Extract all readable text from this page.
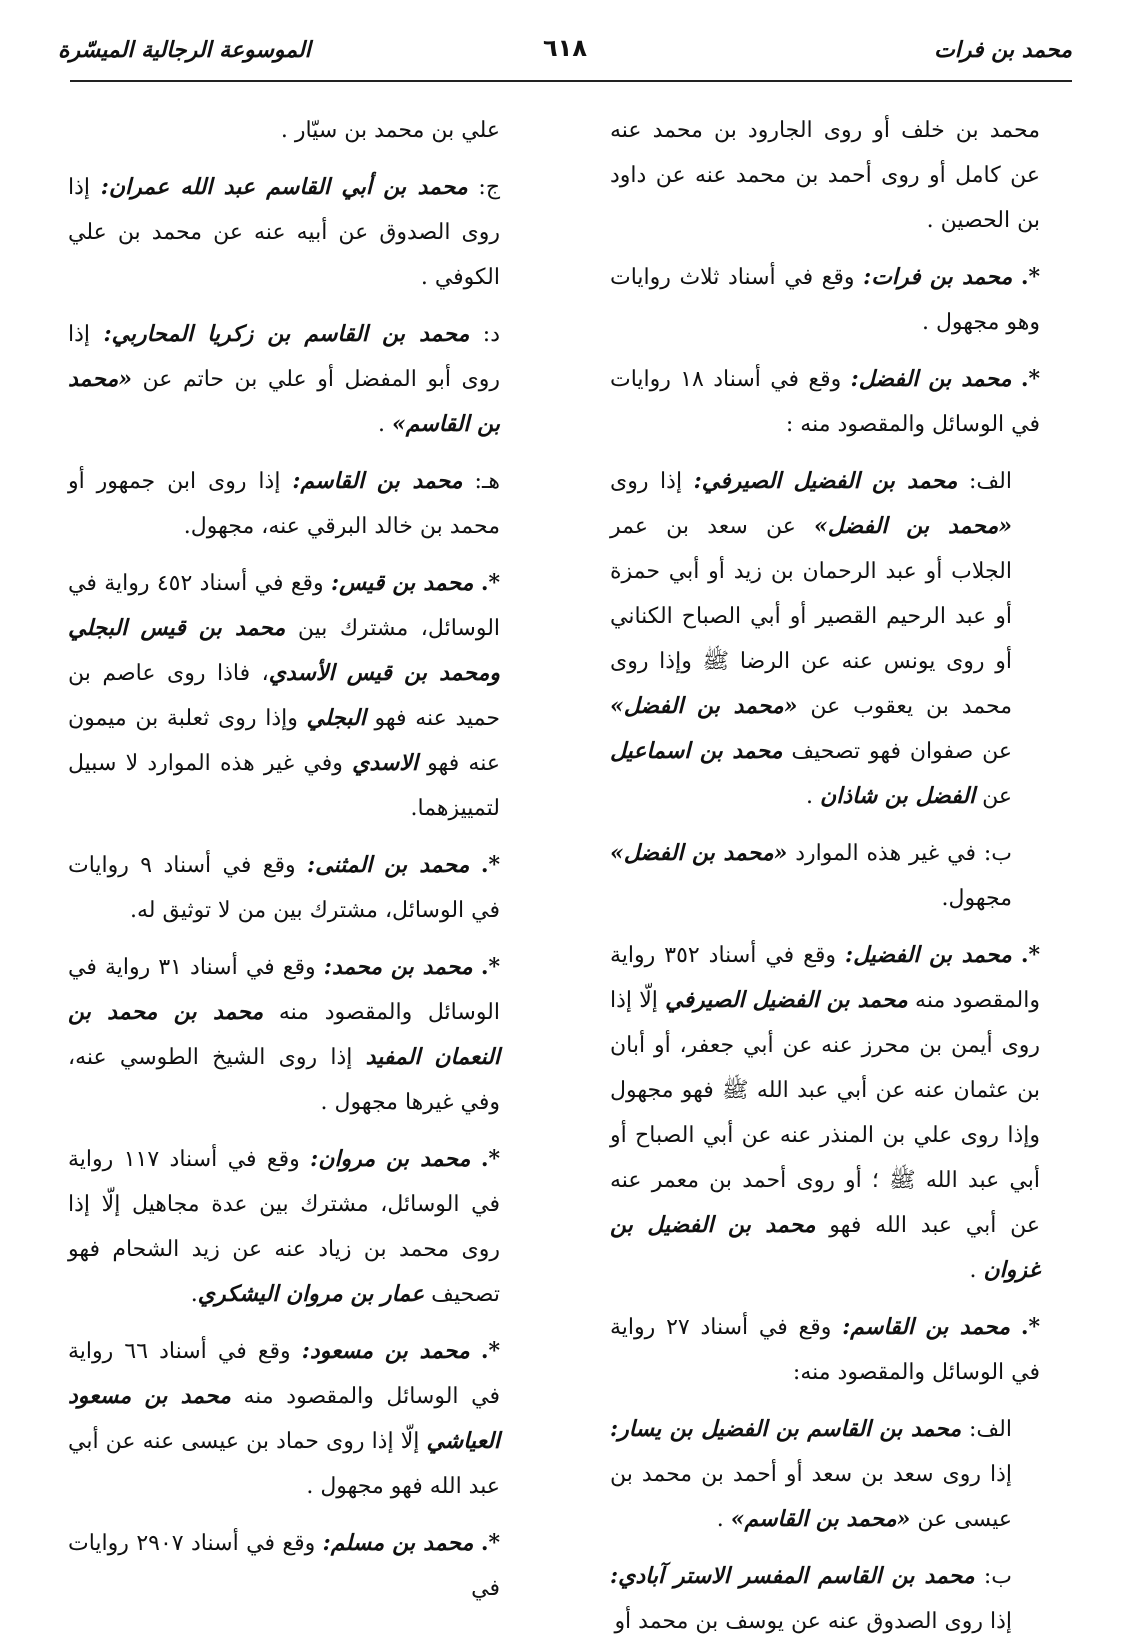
محمد بن فرات
٦١٨
الموسوعة الرجالية الميسّرة

محمد بن خلف أو روى الجارود بن محمد عنه عن كامل أو روى أحمد بن محمد عنه عن داود بن الحصين .

*. محمد بن فرات: وقع في أسناد ثلاث روايات وهو مجهول .

*. محمد بن الفضل: وقع في أسناد ١٨ روايات في الوسائل والمقصود منه :

الف: محمد بن الفضيل الصيرفي: إذا روى «محمد بن الفضل» عن سعد بن عمر الجلاب أو عبد الرحمان بن زيد أو أبي حمزة أو عبد الرحيم القصير أو أبي الصباح الكناني أو روى يونس عنه عن الرضا ﷺ وإذا روى محمد بن يعقوب عن «محمد بن الفضل» عن صفوان فهو تصحيف محمد بن اسماعيل عن الفضل بن شاذان .

ب: في غير هذه الموارد «محمد بن الفضل» مجهول.

*. محمد بن الفضيل: وقع في أسناد ٣٥٢ رواية والمقصود منه محمد بن الفضيل الصيرفي إلّا إذا روى أيمن بن محرز عنه عن أبي جعفر، أو أبان بن عثمان عنه عن أبي عبد الله ﷺ فهو مجهول وإذا روى علي بن المنذر عنه عن أبي الصباح أو أبي عبد الله ﷺ ؛ أو روى أحمد بن معمر عنه عن أبي عبد الله فهو محمد بن الفضيل بن غزوان .

*. محمد بن القاسم: وقع في أسناد ٢٧ رواية في الوسائل والمقصود منه:

الف: محمد بن القاسم بن الفضيل بن يسار: إذا روى سعد بن سعد أو أحمد بن محمد بن عيسى عن «محمد بن القاسم» .

ب: محمد بن القاسم المفسر الاستر آبادي: إذا روى الصدوق عنه عن يوسف بن محمد أو

علي بن محمد بن سيّار .

ج: محمد بن أبي القاسم عبد الله عمران: إذا روى الصدوق عن أبيه عنه عن محمد بن علي الكوفي .

د: محمد بن القاسم بن زكريا المحاربي: إذا روى أبو المفضل أو علي بن حاتم عن «محمد بن القاسم» .

هـ: محمد بن القاسم: إذا روى ابن جمهور أو محمد بن خالد البرقي عنه، مجهول.

*. محمد بن قيس: وقع في أسناد ٤٥٢ رواية في الوسائل، مشترك بين محمد بن قيس البجلي ومحمد بن قيس الأسدي، فاذا روى عاصم بن حميد عنه فهو البجلي وإذا روى ثعلبة بن ميمون عنه فهو الاسدي وفي غير هذه الموارد لا سبيل لتمييزهما.

*. محمد بن المثنى: وقع في أسناد ٩ روايات في الوسائل، مشترك بين من لا توثيق له.

*. محمد بن محمد: وقع في أسناد ٣١ رواية في الوسائل والمقصود منه محمد بن محمد بن النعمان المفيد إذا روى الشيخ الطوسي عنه، وفي غيرها مجهول .

*. محمد بن مروان: وقع في أسناد ١١٧ رواية في الوسائل، مشترك بين عدة مجاهيل إلّا إذا روى محمد بن زياد عنه عن زيد الشحام فهو تصحيف عمار بن مروان اليشكري.

*. محمد بن مسعود: وقع في أسناد ٦٦ رواية في الوسائل والمقصود منه محمد بن مسعود العياشي إلّا إذا روى حماد بن عيسى عنه عن أبي عبد الله فهو مجهول .

*. محمد بن مسلم: وقع في أسناد ٢٩٠٧ روايات في
